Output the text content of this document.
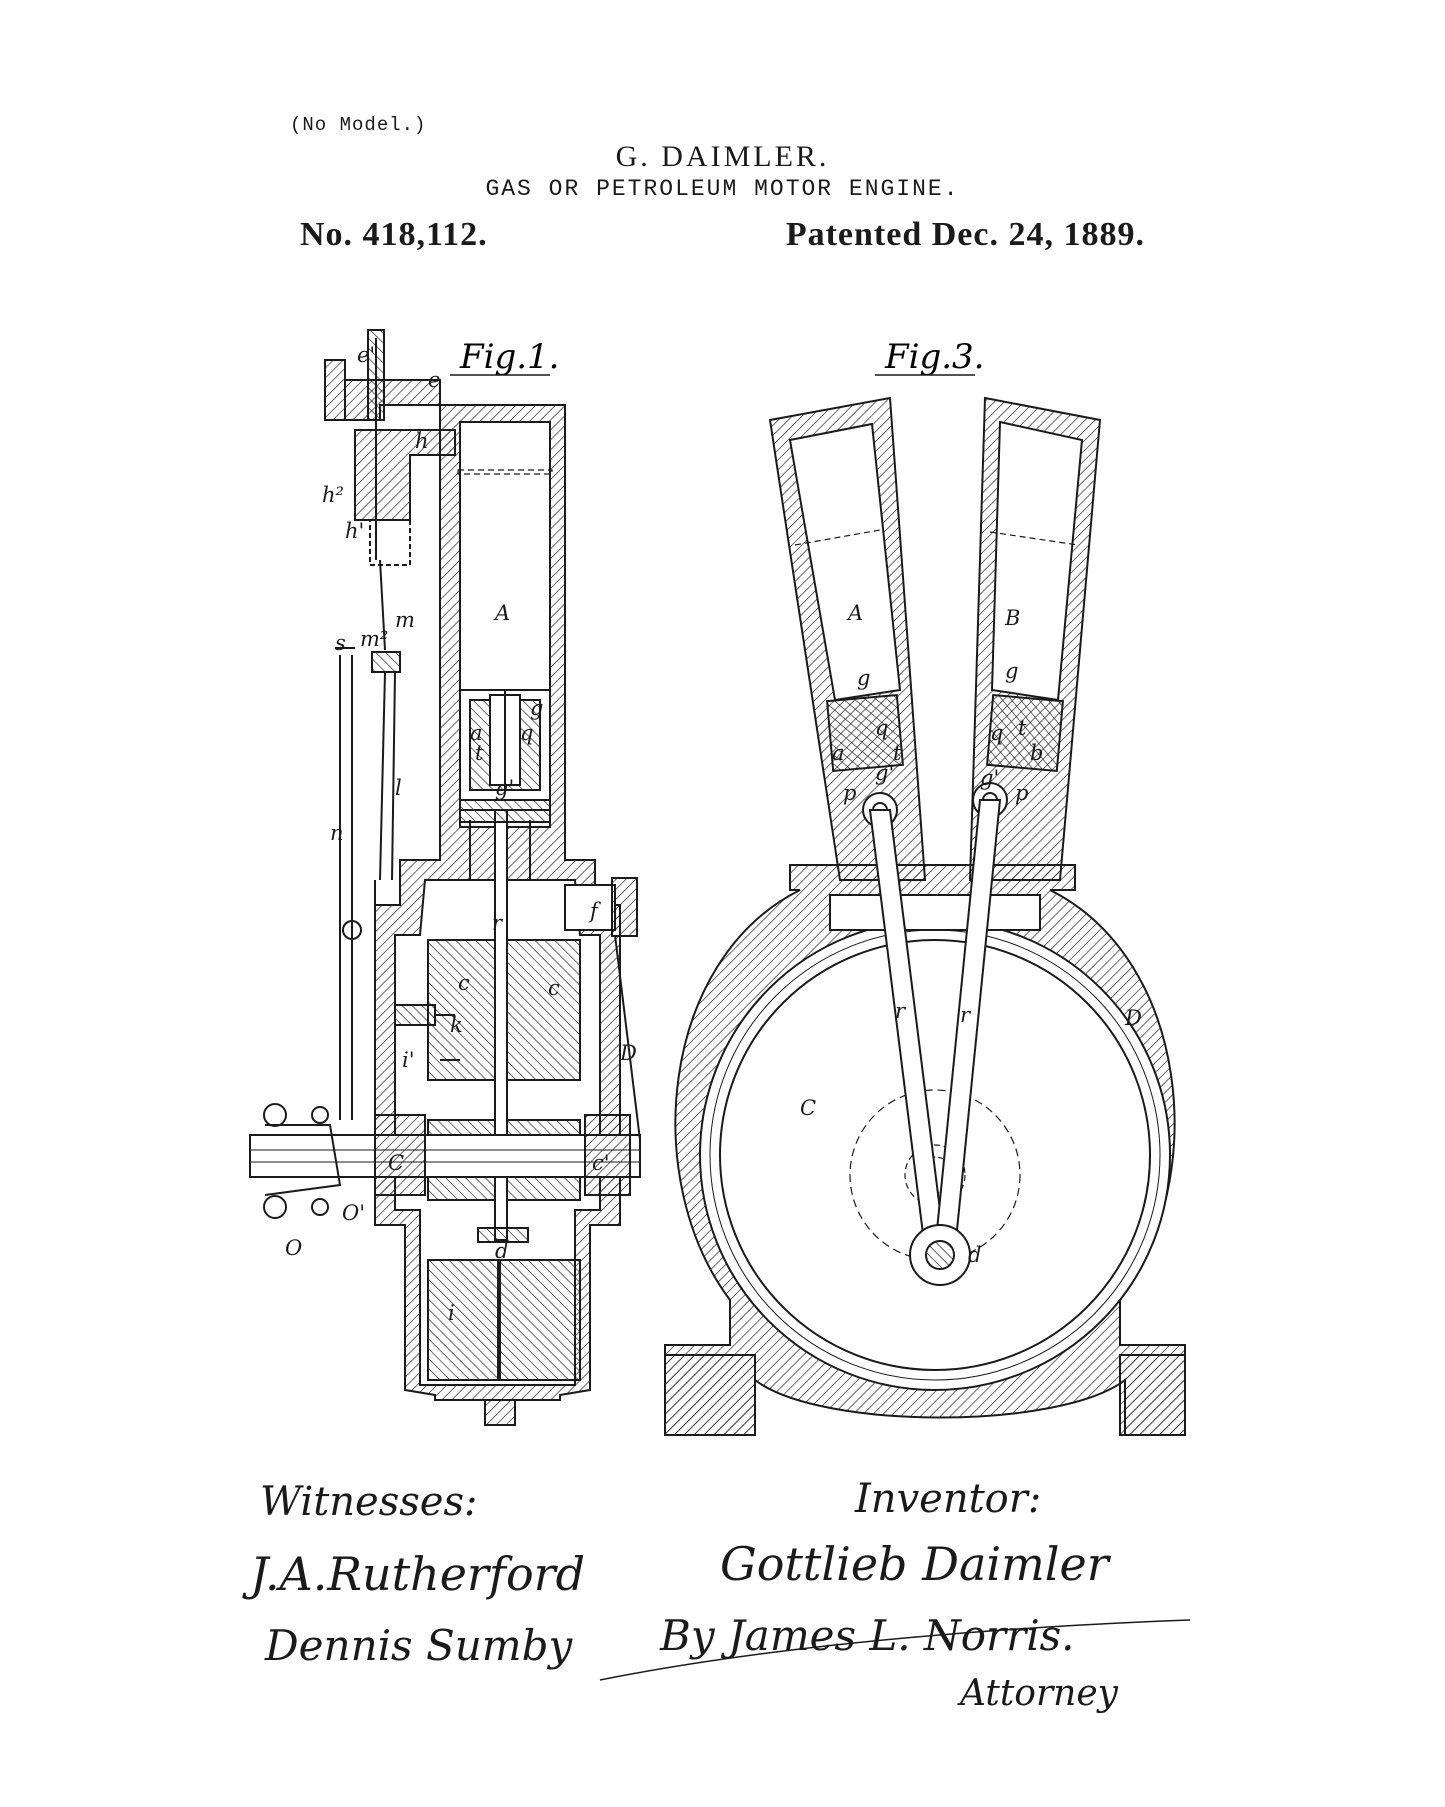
(No Model.)
G. DAIMLER.
GAS OR PETROLEUM MOTOR ENGINE.
No. 418,112.	Patented Dec. 24, 1889.
Fig.1.
e'
e
h
h²
h'
m
m²
s
g
A
a q
t
g'
l
n
r	f
c	c
k
i'	D
C	c'
O
O'
d
i
Fig.3.
A	B
g	g
q	q
t
t
a	b
p	p
g'	g'
r	r	D
C
d
Witnesses:
J.A.Rutherford
Dennis Sumby
Inventor:
Gottlieb Daimler
By James L. Norris.
Attorney
